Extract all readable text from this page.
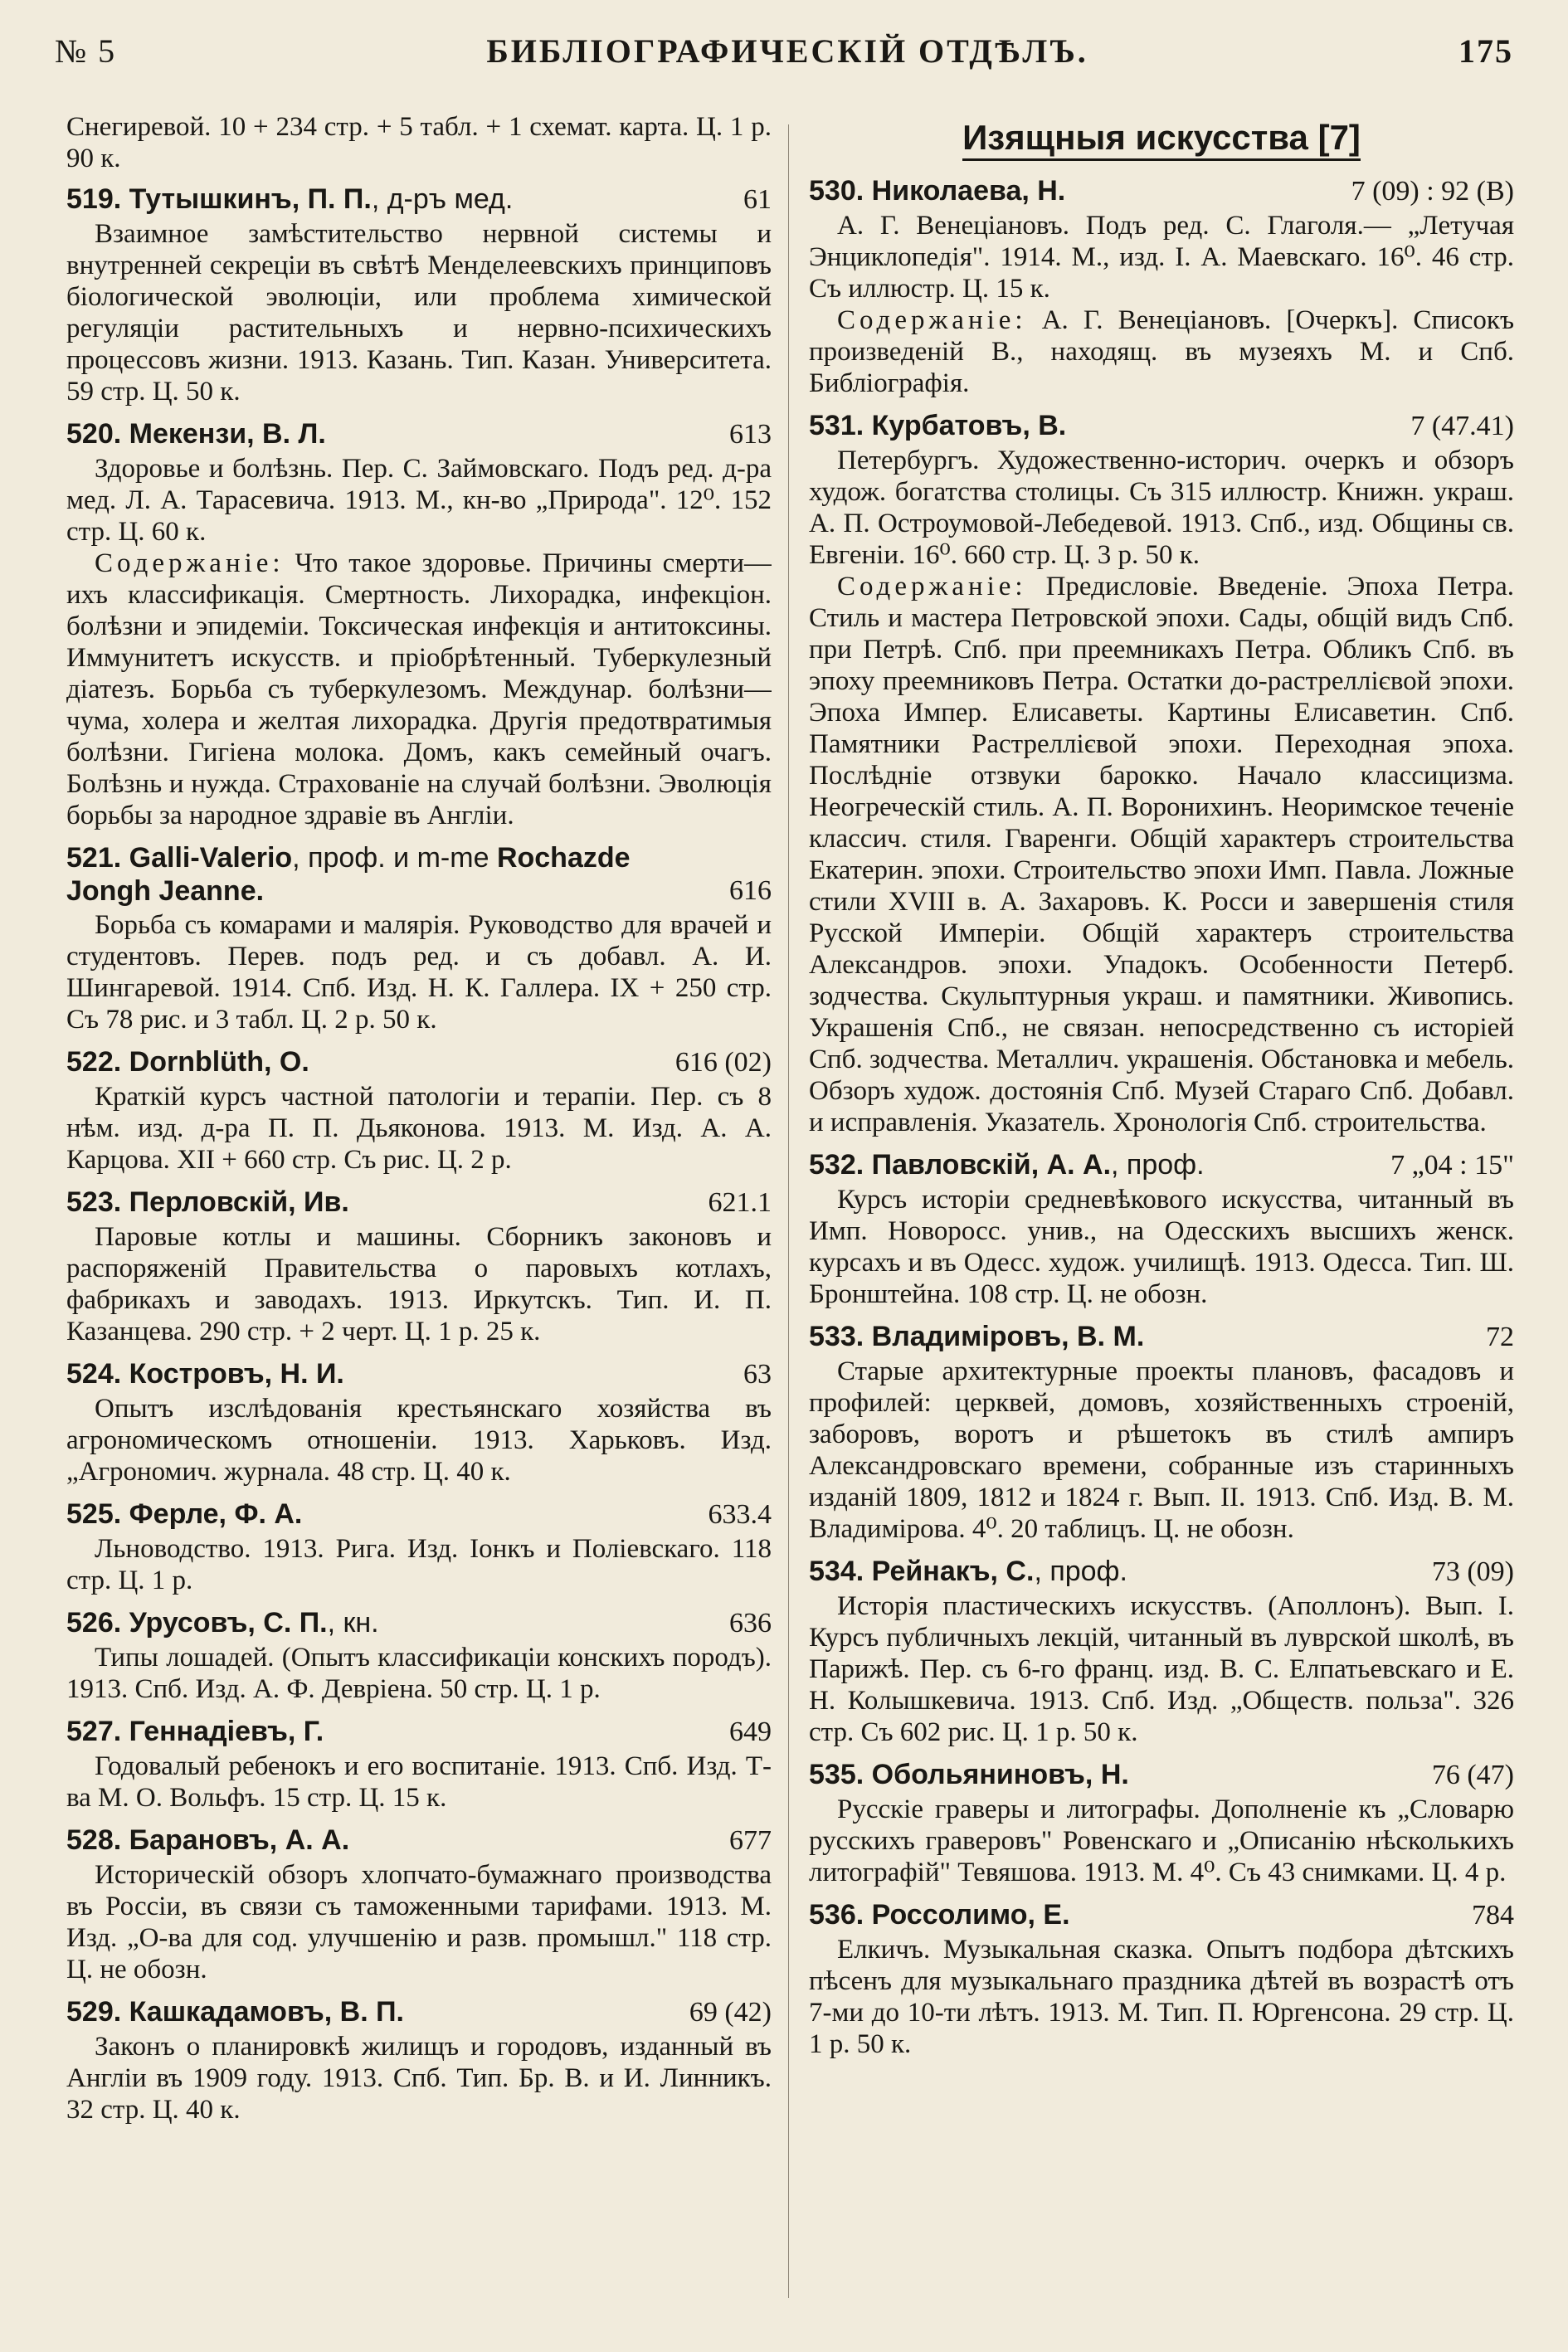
№ 5	БИБЛІОГРАФИЧЕСКІЙ ОТДѢЛЪ.	175

Снегиревой. 10 + 234 стр. + 5 табл. + 1 схемат. карта. Ц. 1 р. 90 к.

519. Тутышкинъ, П. П., д-ръ мед.	61

Взаимное замѣстительство нервной системы и внутренней секреціи въ свѣтѣ Менделеевскихъ принциповъ біологической эволюціи, или проблема химической регуляціи растительныхъ и нервно-психическихъ процессовъ жизни. 1913. Казань. Тип. Казан. Университета. 59 стр. Ц. 50 к.

520. Мекензи, В. Л.	613

Здоровье и болѣзнь. Пер. С. Займовскаго. Подъ ред. д-ра мед. Л. А. Тарасевича. 1913. М., кн-во „Природа". 12⁰. 152 стр. Ц. 60 к.

Содержаніе: Что такое здоровье. Причины смерти—ихъ классификація. Смертность. Лихорадка, инфекціон. болѣзни и эпидеміи. Токсическая инфекція и антитоксины. Иммунитетъ искусств. и пріобрѣтенный. Туберкулезный діатезъ. Борьба съ туберкулезомъ. Междунар. болѣзни—чума, холера и желтая лихорадка. Другія предотвратимыя болѣзни. Гигіена молока. Домъ, какъ семейный очагъ. Болѣзнь и нужда. Страхованіе на случай болѣзни. Эволюція борьбы за народное здравіе въ Англіи.

521. Galli-Valerio, проф. и m-me Rochazde Jongh Jeanne.	616

Борьба съ комарами и малярія. Руководство для врачей и студентовъ. Перев. подъ ред. и съ добавл. А. И. Шингаревой. 1914. Спб. Изд. Н. К. Галлера. IX + 250 стр. Съ 78 рис. и 3 табл. Ц. 2 р. 50 к.

522. Dornblüth, O.	616 (02)

Краткій курсъ частной патологіи и терапіи. Пер. съ 8 нѣм. изд. д-ра П. П. Дьяконова. 1913. М. Изд. А. А. Карцова. XII + 660 стр. Съ рис. Ц. 2 р.

523. Перловскій, Ив.	621.1

Паровые котлы и машины. Сборникъ законовъ и распоряженій Правительства о паровыхъ котлахъ, фабрикахъ и заводахъ. 1913. Иркутскъ. Тип. И. П. Казанцева. 290 стр. + 2 черт. Ц. 1 р. 25 к.

524. Костровъ, Н. И.	63

Опытъ изслѣдованія крестьянскаго хозяйства въ агрономическомъ отношеніи. 1913. Харьковъ. Изд. „Агрономич. журнала. 48 стр. Ц. 40 к.

525. Ферле, Ф. А.	633.4

Льноводство. 1913. Рига. Изд. Іонкъ и Поліевскаго. 118 стр. Ц. 1 р.

526. Урусовъ, С. П., кн.	636

Типы лошадей. (Опытъ классификаціи конскихъ породъ). 1913. Спб. Изд. А. Ф. Девріена. 50 стр. Ц. 1 р.

527. Геннадіевъ, Г.	649

Годовалый ребенокъ и его воспитаніе. 1913. Спб. Изд. Т-ва М. О. Вольфъ. 15 стр. Ц. 15 к.

528. Барановъ, А. А.	677

Историческій обзоръ хлопчато-бумажнаго производства въ Россіи, въ связи съ таможенными тарифами. 1913. М. Изд. „О-ва для сод. улучшенію и разв. промышл." 118 стр. Ц. не обозн.

529. Кашкадамовъ, В. П.	69 (42)

Законъ о планировкѣ жилищъ и городовъ, изданный въ Англіи въ 1909 году. 1913. Спб. Тип. Бр. В. и И. Линникъ. 32 стр. Ц. 40 к.

Изящныя искусства [7]
530. Николаева, Н.	7 (09) : 92 (В)

А. Г. Венеціановъ. Подъ ред. С. Глаголя.— „Летучая Энциклопедія". 1914. М., изд. І. А. Маевскаго. 16⁰. 46 стр. Съ иллюстр. Ц. 15 к.

Содержаніе: А. Г. Венеціановъ. [Очеркъ]. Списокъ произведеній В., находящ. въ музеяхъ М. и Спб. Библіографія.

531. Курбатовъ, В.	7 (47.41)

Петербургъ. Художественно-историч. очеркъ и обзоръ худож. богатства столицы. Съ 315 иллюстр. Книжн. украш. А. П. Остроумовой-Лебедевой. 1913. Спб., изд. Общины св. Евгеніи. 16⁰. 660 стр. Ц. 3 р. 50 к.

Содержаніе: Предисловіе. Введеніе. Эпоха Петра. Стиль и мастера Петровской эпохи. Сады, общій видъ Спб. при Петрѣ. Спб. при преемникахъ Петра. Обликъ Спб. въ эпоху преемниковъ Петра. Остатки до-растреллієвой эпохи. Эпоха Импер. Елисаветы. Картины Елисаветин. Спб. Памятники Растреллієвой эпохи. Переходная эпоха. Послѣдніе отзвуки барокко. Начало классицизма. Неогреческій стиль. А. П. Воронихинъ. Неоримское теченіе классич. стиля. Гваренги. Общій характеръ строительства Екатерин. эпохи. Строительство эпохи Имп. Павла. Ложные стили XVIII в. А. Захаровъ. К. Росси и завершенія стиля Русской Имперіи. Общій характеръ строительства Александров. эпохи. Упадокъ. Особенности Петерб. зодчества. Скульптурныя украш. и памятники. Живопись. Украшенія Спб., не связан. непосредственно съ исторіей Спб. зодчества. Металлич. украшенія. Обстановка и мебель. Обзоръ худож. достоянія Спб. Музей Стараго Спб. Добавл. и исправленія. Указатель. Хронологія Спб. строительства.

532. Павловскій, А. А., проф.	7 „04 : 15"

Курсъ исторіи средневѣкового искусства, читанный въ Имп. Новоросс. унив., на Одесскихъ высшихъ женск. курсахъ и въ Одесс. худож. училищѣ. 1913. Одесса. Тип. Ш. Бронштейна. 108 стр. Ц. не обозн.

533. Владиміровъ, В. М.	72

Старые архитектурные проекты плановъ, фасадовъ и профилей: церквей, домовъ, хозяйственныхъ строеній, заборовъ, воротъ и рѣшетокъ въ стилѣ ампиръ Александровскаго времени, собранные изъ старинныхъ изданій 1809, 1812 и 1824 г. Вып. II. 1913. Спб. Изд. В. М. Владимірова. 4⁰. 20 таблицъ. Ц. не обозн.

534. Рейнакъ, С., проф.	73 (09)

Исторія пластическихъ искусствъ. (Аполлонъ). Вып. І. Курсъ публичныхъ лекцій, читанный въ луврской школѣ, въ Парижѣ. Пер. съ 6-го франц. изд. В. С. Елпатьевскаго и Е. Н. Колышкевича. 1913. Спб. Изд. „Обществ. польза". 326 стр. Съ 602 рис. Ц. 1 р. 50 к.

535. Обольяниновъ, Н.	76 (47)

Русскіе граверы и литографы. Дополненіе къ „Словарю русскихъ граверовъ" Ровенскаго и „Описанію нѣсколькихъ литографій" Тевяшова. 1913. М. 4⁰. Съ 43 снимками. Ц. 4 р.

536. Россолимо, Е.	784

Елкичъ. Музыкальная сказка. Опытъ подбора дѣтскихъ пѣсенъ для музыкальнаго праздника дѣтей въ возрастѣ отъ 7-ми до 10-ти лѣтъ. 1913. М. Тип. П. Юргенсона. 29 стр. Ц. 1 р. 50 к.
